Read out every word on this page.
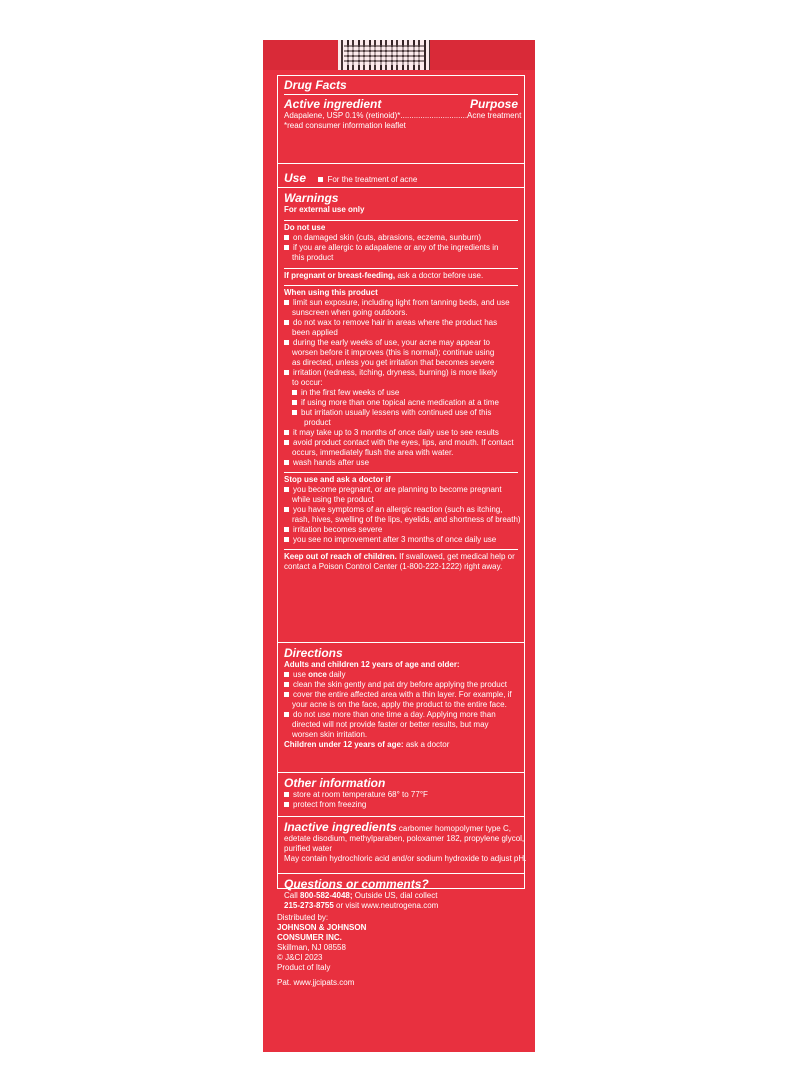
Drug Facts
Active ingredient	Purpose
Adapalene, USP 0.1% (retinoid)*..............................Acne treatment
*read consumer information leaflet
Use	For the treatment of acne
Warnings
For external use only
Do not use
on damaged skin (cuts, abrasions, eczema, sunburn)
if you are allergic to adapalene or any of the ingredients in
this product
If pregnant or breast-feeding, ask a doctor before use.
When using this product
limit sun exposure, including light from tanning beds, and use
sunscreen when going outdoors.
do not wax to remove hair in areas where the product has
been applied
during the early weeks of use, your acne may appear to
worsen before it improves (this is normal); continue using
as directed, unless you get irritation that becomes severe
irritation (redness, itching, dryness, burning) is more likely
to occur:
in the first few weeks of use
if using more than one topical acne medication at a time
but irritation usually lessens with continued use of this
product
it may take up to 3 months of once daily use to see results
avoid product contact with the eyes, lips, and mouth. If contact
occurs, immediately flush the area with water.
wash hands after use
Stop use and ask a doctor if
you become pregnant, or are planning to become pregnant
while using the product
you have symptoms of an allergic reaction (such as itching,
rash, hives, swelling of the lips, eyelids, and shortness of breath)
irritation becomes severe
you see no improvement after 3 months of once daily use
Keep out of reach of children. If swallowed, get medical help or
contact a Poison Control Center (1-800-222-1222) right away.
Directions
Adults and children 12 years of age and older:
use once daily
clean the skin gently and pat dry before applying the product
cover the entire affected area with a thin layer. For example, if
your acne is on the face, apply the product to the entire face.
do not use more than one time a day. Applying more than
directed will not provide faster or better results, but may
worsen skin irritation.
Children under 12 years of age: ask a doctor
Other information
store at room temperature 68° to 77°F
protect from freezing
Inactive ingredients carbomer homopolymer type C,
edetate disodium, methylparaben, poloxamer 182, propylene glycol,
purified water
May contain hydrochloric acid and/or sodium hydroxide to adjust pH.
Questions or comments?
Call 800-582-4048; Outside US, dial collect
215-273-8755 or visit www.neutrogena.com
Distributed by:
JOHNSON & JOHNSON
CONSUMER INC.
Skillman, NJ 08558
© J&CI 2023
Product of Italy
Pat. www.jjcipats.com
